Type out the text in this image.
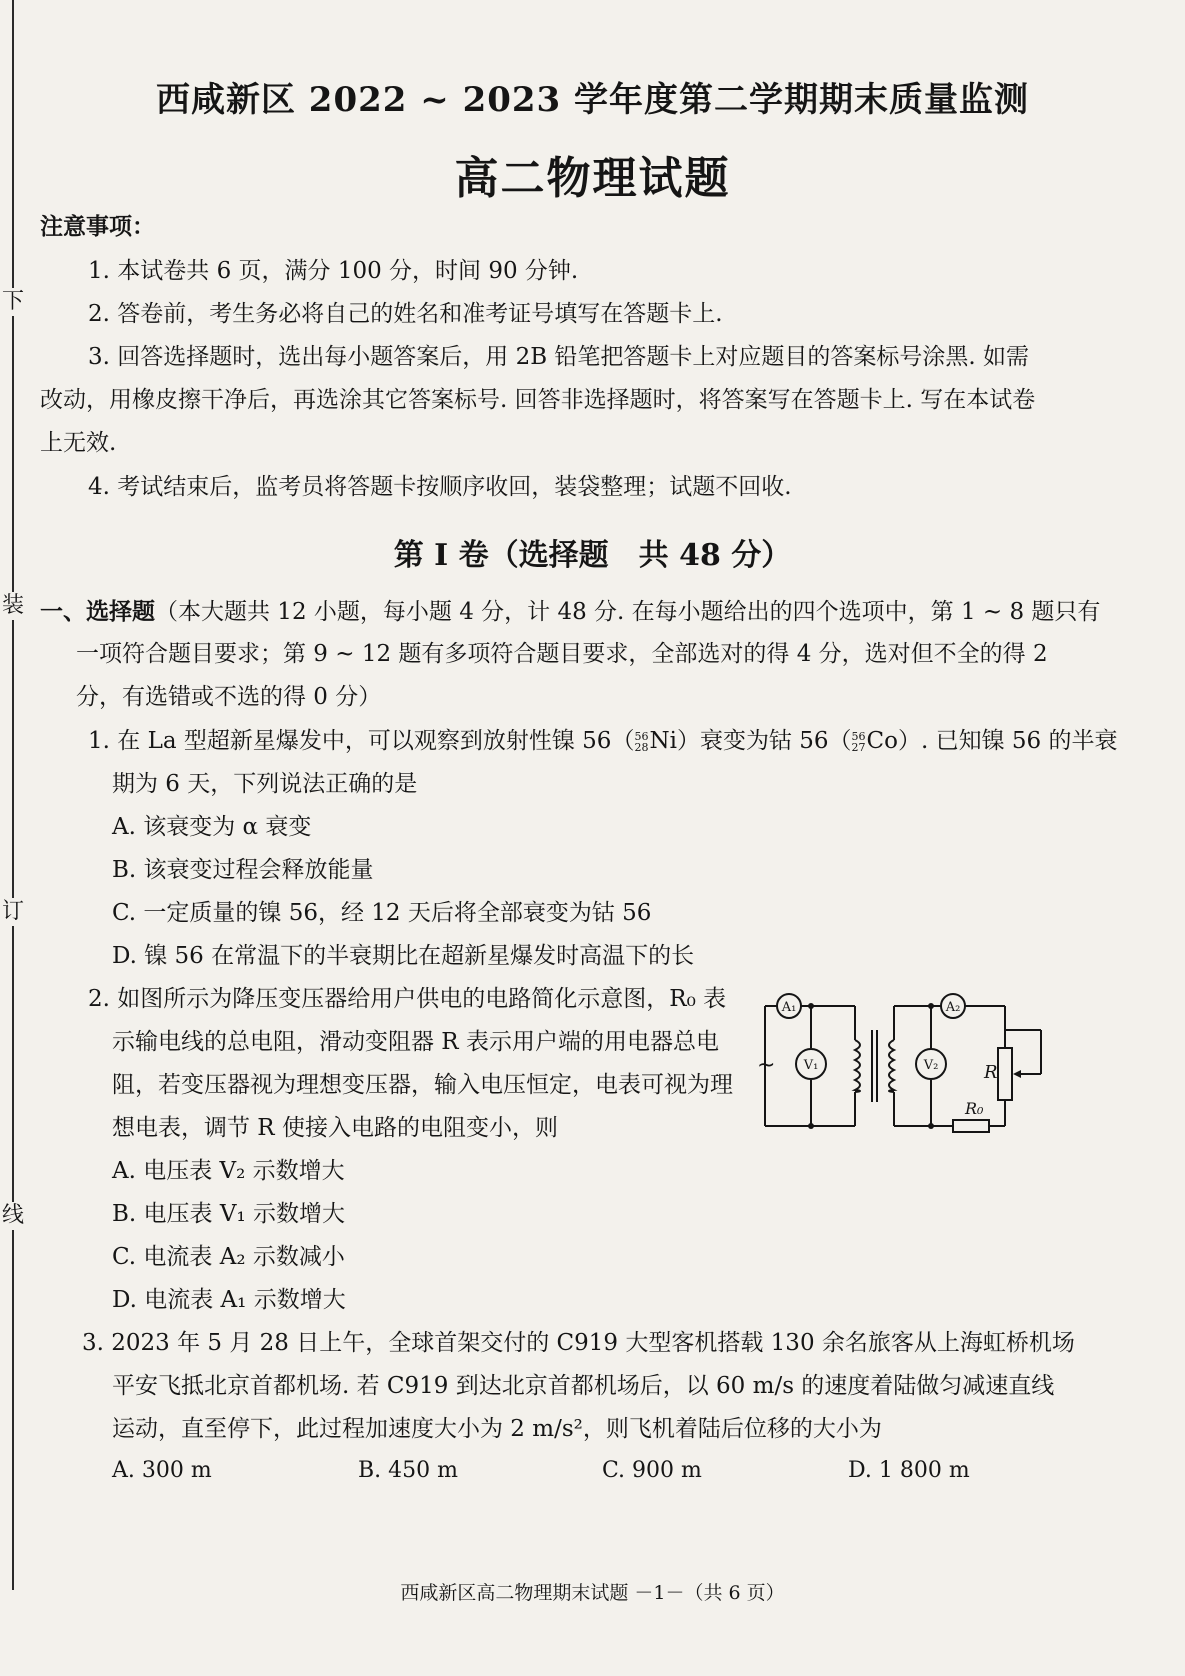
下
装
订
线
西咸新区 2022 ~ 2023 学年度第二学期期末质量监测
高二物理试题
注意事项：
1. 本试卷共 6 页，满分 100 分，时间 90 分钟.
2. 答卷前，考生务必将自己的姓名和准考证号填写在答题卡上.
3. 回答选择题时，选出每小题答案后，用 2B 铅笔把答题卡上对应题目的答案标号涂黑. 如需
改动，用橡皮擦干净后，再选涂其它答案标号. 回答非选择题时，将答案写在答题卡上. 写在本试卷
上无效.
4. 考试结束后，监考员将答题卡按顺序收回，装袋整理；试题不回收.
第 Ⅰ 卷（选择题　共 48 分）
一、选择题（本大题共 12 小题，每小题 4 分，计 48 分. 在每小题给出的四个选项中，第 1 ~ 8 题只有
一项符合题目要求；第 9 ~ 12 题有多项符合题目要求，全部选对的得 4 分，选对但不全的得 2
分，有选错或不选的得 0 分）
1. 在 La 型超新星爆发中，可以观察到放射性镍 56（56
28Ni）衰变为钴 56（56
27Co）. 已知镍 56 的半衰
期为 6 天，下列说法正确的是
A. 该衰变为 α 衰变
B. 该衰变过程会释放能量
C. 一定质量的镍 56，经 12 天后将全部衰变为钴 56
D. 镍 56 在常温下的半衰期比在超新星爆发时高温下的长
2. 如图所示为降压变压器给用户供电的电路简化示意图，R₀ 表
示输电线的总电阻，滑动变阻器 R 表示用户端的用电器总电
阻，若变压器视为理想变压器，输入电压恒定，电表可视为理
想电表，调节 R 使接入电路的电阻变小，则
A. 电压表 V₂ 示数增大
B. 电压表 V₁ 示数增大
C. 电流表 A₂ 示数减小
D. 电流表 A₁ 示数增大
A₁	A₂
V₁	V₂	R
R₀
~
3. 2023 年 5 月 28 日上午，全球首架交付的 C919 大型客机搭载 130 余名旅客从上海虹桥机场
平安飞抵北京首都机场. 若 C919 到达北京首都机场后，以 60 m/s 的速度着陆做匀减速直线
运动，直至停下，此过程加速度大小为 2 m/s²，则飞机着陆后位移的大小为
A. 300 m	B. 450 m	C. 900 m	D. 1 800 m
西咸新区高二物理期末试题 －1－（共 6 页）
